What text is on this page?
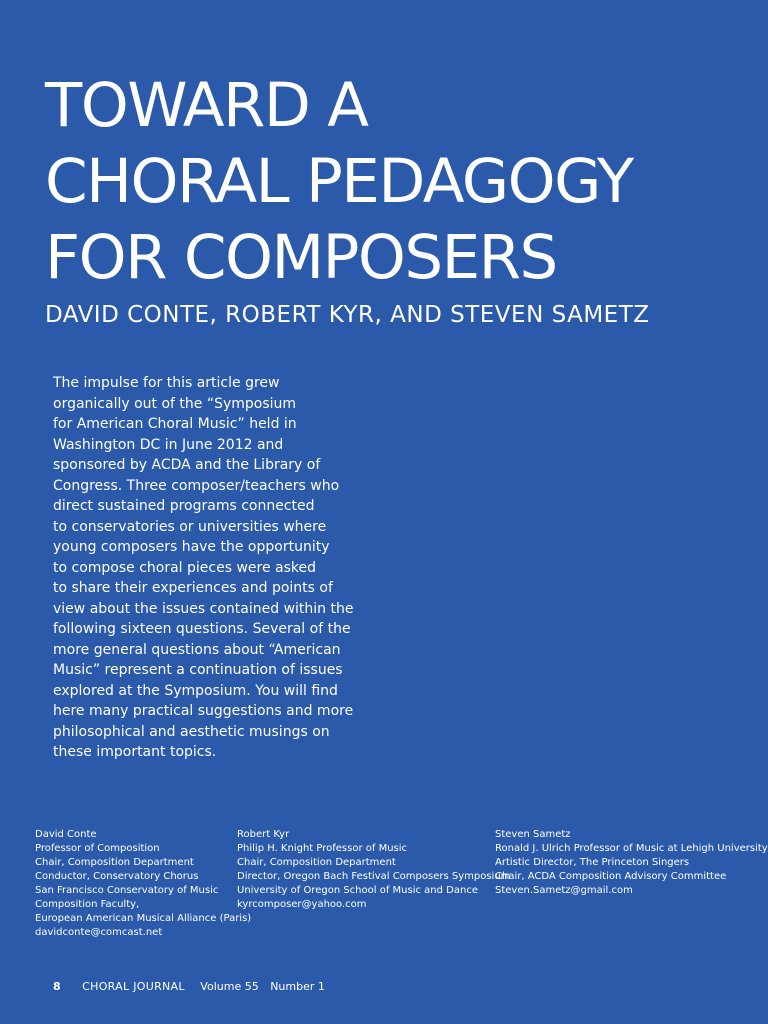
TOWARD A
CHORAL PEDAGOGY
FOR COMPOSERS

DAVID CONTE, ROBERT KYR, AND STEVEN SAMETZ

The impulse for this article grew
organically out of the “Symposium
for American Choral Music” held in
Washington DC in June 2012 and
sponsored by ACDA and the Library of
Congress. Three composer/teachers who
direct sustained programs connected
to conservatories or universities where
young composers have the opportunity
to compose choral pieces were asked
to share their experiences and points of
view about the issues contained within the
following sixteen questions. Several of the
more general questions about “American
Music” represent a continuation of issues
explored at the Symposium. You will find
here many practical suggestions and more
philosophical and aesthetic musings on
these important topics.

David Conte
Professor of Composition
Chair, Composition Department
Conductor, Conservatory Chorus
San Francisco Conservatory of Music
Composition Faculty,
European American Musical Alliance (Paris)
davidconte@comcast.net
Robert Kyr
Philip H. Knight Professor of Music
Chair, Composition Department
Director, Oregon Bach Festival Composers Symposium
University of Oregon School of Music and Dance
kyrcomposer@yahoo.com
Steven Sametz
Ronald J. Ulrich Professor of Music at Lehigh University
Artistic Director, The Princeton Singers
Chair, ACDA Composition Advisory Committee
Steven.Sametz@gmail.com
8 CHORAL JOURNAL Volume 55 Number 1
